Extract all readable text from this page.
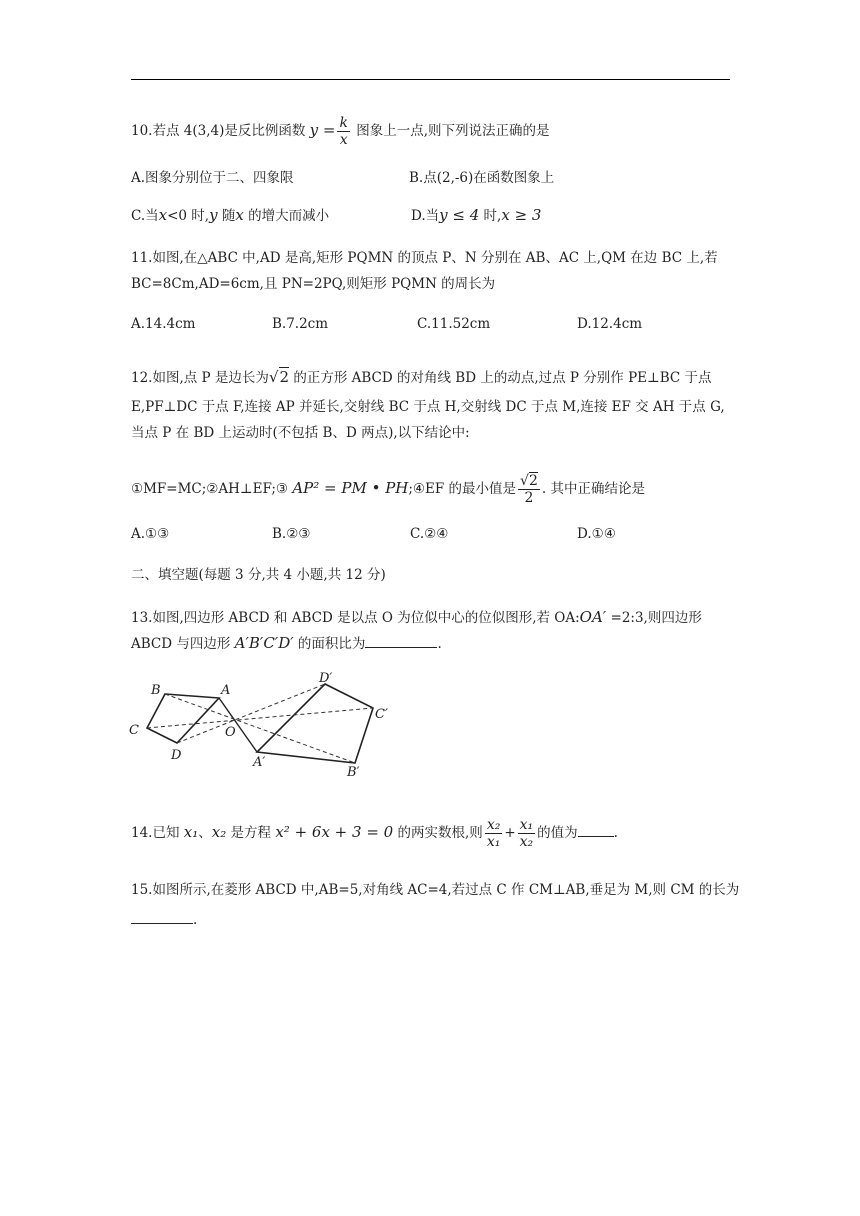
10.若点 4(3,4)是反比例函数 $y = \frac{k}{x}$ 图象上一点,则下列说法正确的是
A.图象分别位于二、四象限	B.点(2,-6)在函数图象上
C.当x<0 时,y 随x 的增大而减小	D.当y ≤ 4 时,x ≥ 3
11.如图,在△ABC 中,AD 是高,矩形 PQMN 的顶点 P、N 分别在 AB、AC 上,QM 在边 BC 上,若
BC=8Cm,AD=6cm,且 PN=2PQ,则矩形 PQMN 的周长为
A.14.4cm	B.7.2cm	C.11.52cm	D.12.4cm
12.如图,点 P 是边长为√2 的正方形 ABCD 的对角线 BD 上的动点,过点 P 分别作 PE⊥BC 于点
E,PF⊥DC 于点 F,连接 AP 并延长,交射线 BC 于点 H,交射线 DC 于点 M,连接 EF 交 AH 于点 G,
当点 P 在 BD 上运动时(不包括 B、D 两点),以下结论中:
①MF=MC;②AH⊥EF;③ AP² = PM • PH;④EF 的最小值是 $\frac{√2}{2}$ . 其中正确结论是
A.①③	B.②③	C.②④	D.①④
二、填空题(每题 3 分,共 4 小题,共 12 分)
13.如图,四边形 ABCD 和 ABCD 是以点 O 为位似中心的位似图形,若 OA:OA′ =2:3,则四边形
ABCD 与四边形 A′B′C′D′ 的面积比为	.
B	A
C
D
O
D′
C′
A′
B′
14.已知 x₁、x₂ 是方程 x² + 6x + 3 = 0 的两实数根,则 $\frac{\text{x₂}}{\text{x₁}} + \frac{\text{x₁}}{\text{x₂}}$ 的值为	.
15.如图所示,在菱形 ABCD 中,AB=5,对角线 AC=4,若过点 C 作 CM⊥AB,垂足为 M,则 CM 的长为
.
